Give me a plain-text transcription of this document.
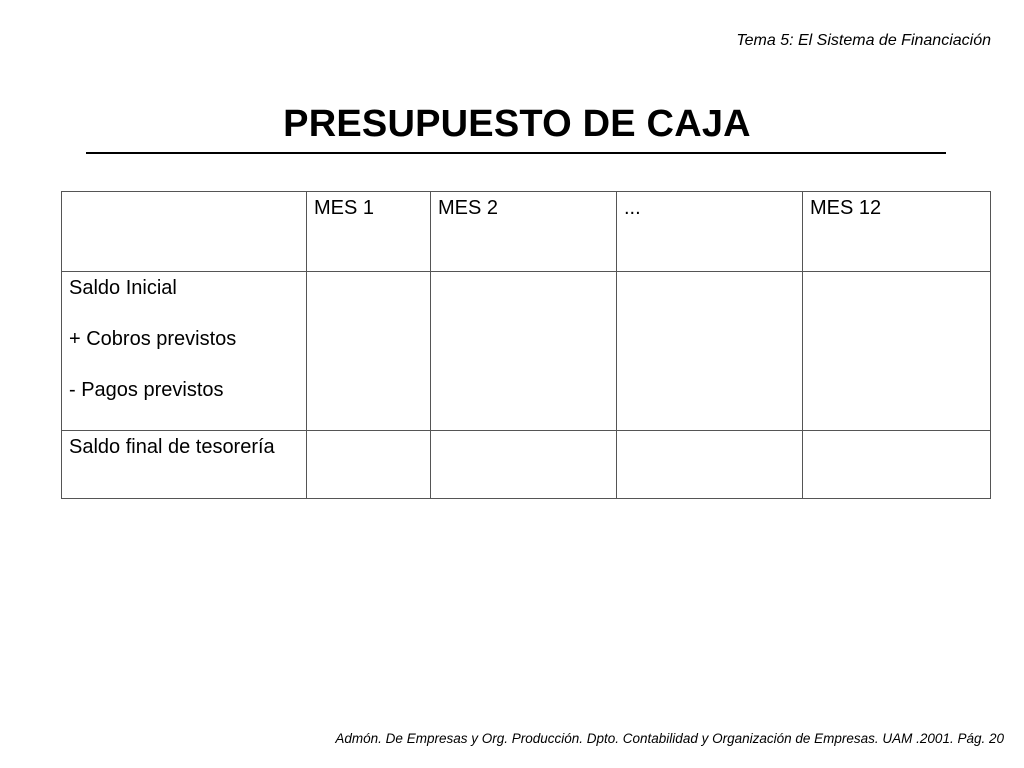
Tema 5: El Sistema de Financiación
PRESUPUESTO DE CAJA
	MES 1	MES 2	...	MES 12

Saldo Inicial
+ Cobros previstos
- Pagos previstos				

Saldo final de tesorería				
Admón. De Empresas y Org. Producción. Dpto. Contabilidad y Organización de Empresas. UAM .2001. Pág. 20
